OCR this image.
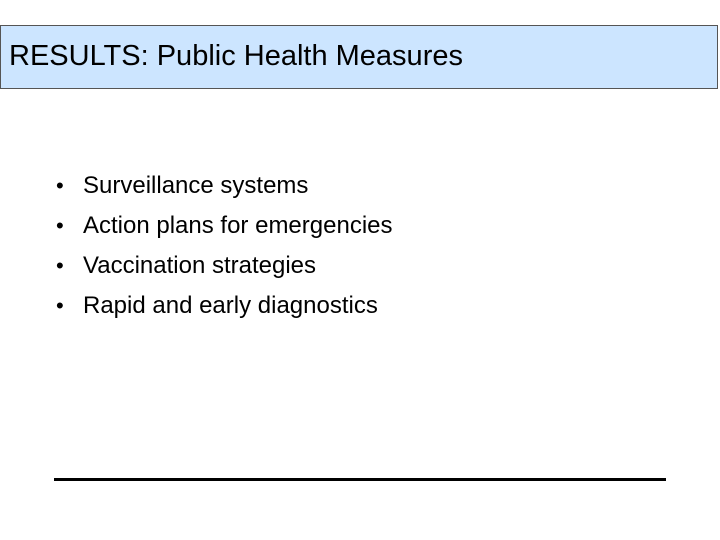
RESULTS: Public Health Measures
• Surveillance systems
• Action plans for emergencies
• Vaccination strategies
• Rapid and early diagnostics
